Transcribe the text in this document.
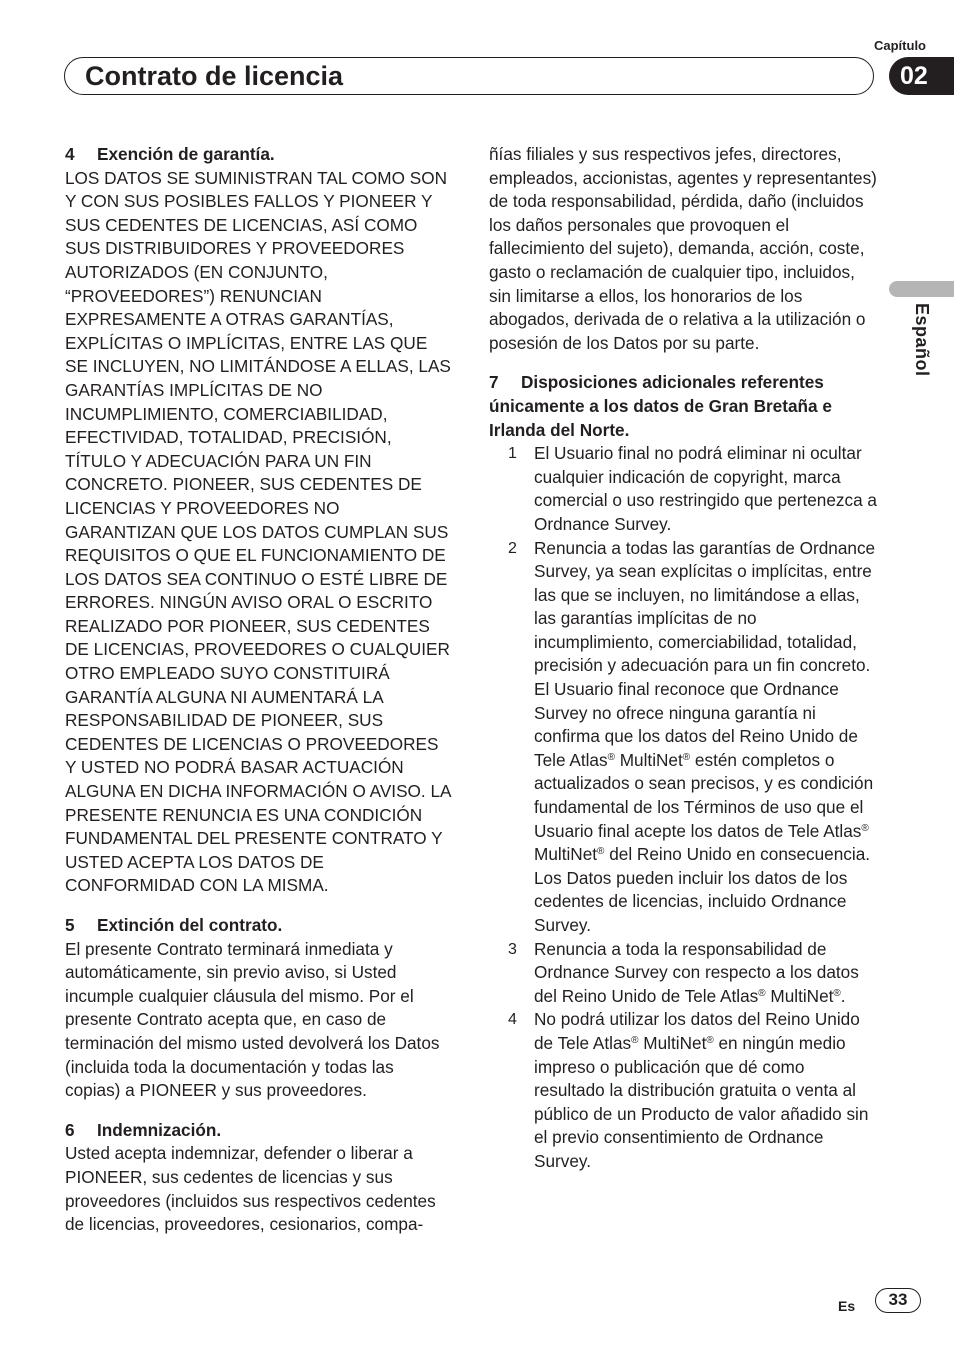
Capítulo
Contrato de licencia	02
Español

4 Exención de garantía.

LOS DATOS SE SUMINISTRAN TAL COMO SON Y CON SUS POSIBLES FALLOS Y PIONEER Y SUS CEDENTES DE LICENCIAS, ASÍ COMO SUS DISTRIBUIDORES Y PROVEEDORES AUTORIZADOS (EN CONJUNTO, “PROVEEDORES”) RENUNCIAN EXPRESAMENTE A OTRAS GARANTÍAS, EXPLÍCITAS O IMPLÍCITAS, ENTRE LAS QUE SE INCLUYEN, NO LIMITÁNDOSE A ELLAS, LAS GARANTÍAS IMPLÍCITAS DE NO INCUMPLIMIENTO, COMERCIABILIDAD, EFECTIVIDAD, TOTALIDAD, PRECISIÓN, TÍTULO Y ADECUACIÓN PARA UN FIN CONCRETO. PIONEER, SUS CEDENTES DE LICENCIAS Y PROVEEDORES NO GARANTIZAN QUE LOS DATOS CUMPLAN SUS REQUISITOS O QUE EL FUNCIONAMIENTO DE LOS DATOS SEA CONTINUO O ESTÉ LIBRE DE ERRORES. NINGÚN AVISO ORAL O ESCRITO REALIZADO POR PIONEER, SUS CEDENTES DE LICENCIAS, PROVEEDORES O CUALQUIER OTRO EMPLEADO SUYO CONSTITUIRÁ GARANTÍA ALGUNA NI AUMENTARÁ LA RESPONSABILIDAD DE PIONEER, SUS CEDENTES DE LICENCIAS O PROVEEDORES Y USTED NO PODRÁ BASAR ACTUACIÓN ALGUNA EN DICHA INFORMACIÓN O AVISO. LA PRESENTE RENUNCIA ES UNA CONDICIÓN FUNDAMENTAL DEL PRESENTE CONTRATO Y USTED ACEPTA LOS DATOS DE CONFORMIDAD CON LA MISMA.

5 Extinción del contrato.

El presente Contrato terminará inmediata y automáticamente, sin previo aviso, si Usted incumple cualquier cláusula del mismo. Por el presente Contrato acepta que, en caso de terminación del mismo usted devolverá los Datos (incluida toda la documentación y todas las copias) a PIONEER y sus proveedores.

6 Indemnización.

Usted acepta indemnizar, defender o liberar a PIONEER, sus cedentes de licencias y sus proveedores (incluidos sus respectivos cedentes de licencias, proveedores, cesionarios, compa-

ñías filiales y sus respectivos jefes, directores, empleados, accionistas, agentes y representantes) de toda responsabilidad, pérdida, daño (incluidos los daños personales que provoquen el fallecimiento del sujeto), demanda, acción, coste, gasto o reclamación de cualquier tipo, incluidos, sin limitarse a ellos, los honorarios de los abogados, derivada de o relativa a la utilización o posesión de los Datos por su parte.

7 Disposiciones adicionales referentes únicamente a los datos de Gran Bretaña e Irlanda del Norte.

1 El Usuario final no podrá eliminar ni ocultar cualquier indicación de copyright, marca comercial o uso restringido que pertenezca a Ordnance Survey.
2 Renuncia a todas las garantías de Ordnance Survey, ya sean explícitas o implícitas, entre las que se incluyen, no limitándose a ellas, las garantías implícitas de no incumplimiento, comerciabilidad, totalidad, precisión y adecuación para un fin concreto. El Usuario final reconoce que Ordnance Survey no ofrece ninguna garantía ni confirma que los datos del Reino Unido de Tele Atlas® MultiNet® estén completos o actualizados o sean precisos, y es condición fundamental de los Términos de uso que el Usuario final acepte los datos de Tele Atlas® MultiNet® del Reino Unido en consecuencia. Los Datos pueden incluir los datos de los cedentes de licencias, incluido Ordnance Survey.
3 Renuncia a toda la responsabilidad de Ordnance Survey con respecto a los datos del Reino Unido de Tele Atlas® MultiNet®.
4 No podrá utilizar los datos del Reino Unido de Tele Atlas® MultiNet® en ningún medio impreso o publicación que dé como resultado la distribución gratuita o venta al público de un Producto de valor añadido sin el previo consentimiento de Ordnance Survey.
Es	33
